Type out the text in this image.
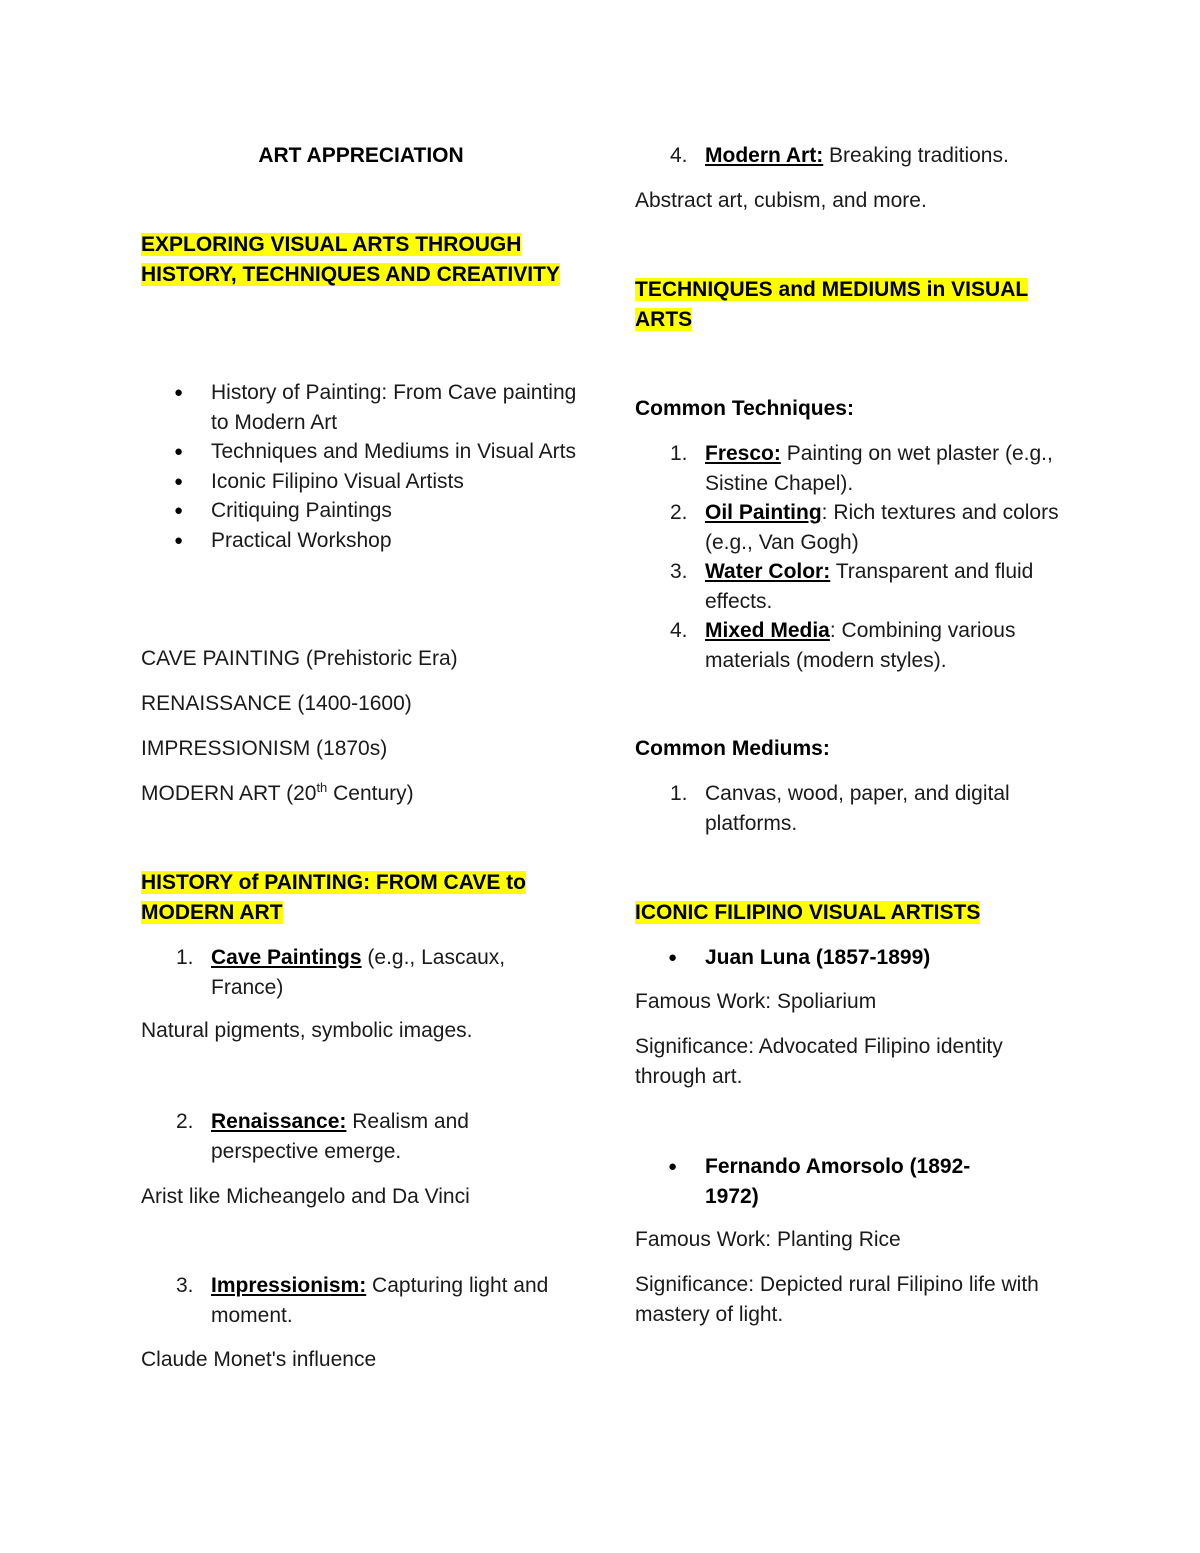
ART APPRECIATION
EXPLORING VISUAL ARTS THROUGH HISTORY, TECHNIQUES AND CREATIVITY
● History of Painting: From Cave painting to Modern Art
● Techniques and Mediums in Visual Arts
● Iconic Filipino Visual Artists
● Critiquing Paintings
● Practical Workshop
CAVE PAINTING (Prehistoric Era)
RENAISSANCE (1400-1600)
IMPRESSIONISM (1870s)
MODERN ART (20th Century)
HISTORY of PAINTING: FROM CAVE to MODERN ART
1. Cave Paintings (e.g., Lascaux, France)
Natural pigments, symbolic images.
2. Renaissance: Realism and perspective emerge.
Arist like Micheangelo and Da Vinci
3. Impressionism: Capturing light and moment.
Claude Monet's influence
4. Modern Art: Breaking traditions.
Abstract art, cubism, and more.
TECHNIQUES and MEDIUMS in VISUAL ARTS
Common Techniques:
1. Fresco: Painting on wet plaster (e.g., Sistine Chapel).
2. Oil Painting: Rich textures and colors (e.g., Van Gogh)
3. Water Color: Transparent and fluid effects.
4. Mixed Media: Combining various materials (modern styles).
Common Mediums:
1. Canvas, wood, paper, and digital platforms.
ICONIC FILIPINO VISUAL ARTISTS
● Juan Luna (1857-1899)
Famous Work: Spoliarium
Significance: Advocated Filipino identity through art.
● Fernando Amorsolo (1892-1972)
Famous Work: Planting Rice
Significance: Depicted rural Filipino life with mastery of light.
